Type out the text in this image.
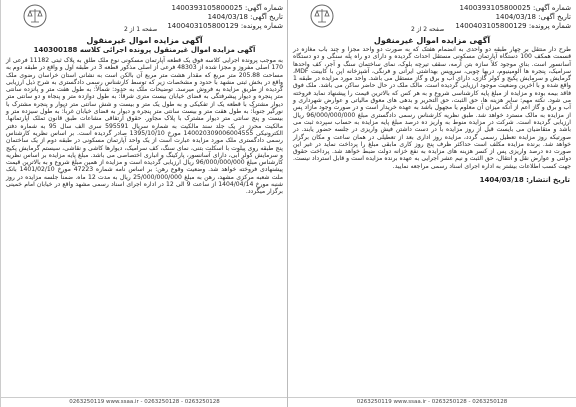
شماره آگهی: 1400393105800025
تاریخ آگهی: 1404/03/18
شماره پرونده: 1400403105800129
صفحه 1 از 2
آگهی مزایده اموال غیرمنقول
آگهی مزایده اموال غیرمنقول پرونده اجرائی کلاسه 140300188

به موجب پرونده اجرایی کلاسه فوق یک قطعه آپارتمان مسکونی نوع ملک طلق به پلاک ثبتی 11182 فرعی از 170 اصلی مفروز و مجزا شده از 48303 فرعی از اصلی مذکور قطعه 3 در طبقه اول و واقع در طبقه دوم به مساحت 205.88 متر مربع که مقدار هشت متر مربع آن بالکن است به نشانی استان خراسان رضوی ملک واقع در بخش ثبتی مشهد با حدود و مشخصات زیر که توسط کارشناس رسمی دادگستری به شرح ذیل ارزیابی گردیده از طریق مزایده به فروش میرسد. توضیحات ملک به حدود: شمالاً: به طول هفت متر و پانزده سانتی متر پنجره و دیوار پیشرفتگی به فضای خیابان بیست متری شرقاً: به طول دوازده متر و پنجاه و دو سانتی متر دیوار مشترک با قطعه یک از تفکیکی و به طول یک متر و بیست و شش سانتی متر دیوار و پنجره مشترک با نورگیر جنوباً: به طول هفت متر و بیست سانتی متر پنجره و دیوار به فضای خیابان غرباً: به طول سیزده متر و بیست و پنج سانتی متر دیوار مشترک با پلاک مجاور. حقوق ارتفاقی مشاعات طبق قانون تملک آپارتمانها. مالکیت محرز در یک جلد سند مالکیت به شماره سریال 595591 سری الف سال 95 به شماره دفتر الکترونیکی 140020309006004555 مورخ 1395/10/10 صادر گردیده است. بر اساس نظریه کارشناس رسمی دادگستری ملک مورد مزایده عبارت است از یک واحد آپارتمان مسکونی در طبقه دوم از یک ساختمان پنج طبقه روی پیلوت با اسکلت بتنی، نمای سنگ، کف سرامیک، دیوارها کاشی و نقاشی، سیستم گرمایش پکیج و سرمایش کولر آبی، دارای آسانسور، پارکینگ و انباری اختصاصی می باشد. مبلغ پایه مزایده بر اساس نظریه کارشناس مبلغ 96/000/000/000 ریال ارزیابی گردیده است و مزایده از همین مبلغ شروع و به بالاترین قیمت پیشنهادی فروخته خواهد شد. وضعیت وقوع رهن: بر اساس نامه شماره 47223 مورخ 1401/02/10 بانک ملت شعبه مرکزی مشهد، رهن به مبلغ 25/000/000/000 ریال به مدت 12 ماه. ضمناً جلسه مزایده در روز شنبه مورخ 1404/04/14 از ساعت 9 الی 12 در اداره اجرای اسناد رسمی مشهد واقع در خیابان امام خمینی برگزار میگردد.

0263250119 www.ssaa.ir - 0263250128 - 0263250128
شماره آگهی: 1400393105800025
تاریخ آگهی: 1404/03/18
شماره پرونده: 1400403105800129
صفحه 2 از 2
آگهی مزایده اموال غیرمنقول

طرح دار منتقل بر چهار طبقه دو واحدی به انضمام هفتک که به صورت دو واحد مجزا و چند باب مغازه در قسمت همکف 100 دستگاه آپارتمان مسکونی مستقل احداث گردیده و دارای دو راه پله سنگی و دو دستگاه آسانسور است. بنای موجود کلاً سازه بتن آرمه، سقف تیرچه بلوک، نمای ساختمان سنگ و آجر، کف واحدها سرامیک، پنجره ها آلومینیوم، دربها چوبی، سرویس بهداشتی ایرانی و فرنگی، آشپزخانه اپن با کابینت MDF، گرمایش و سرمایش پکیج و کولر گازی، دارای آب و برق و گاز مستقل می باشد. واحد مورد مزایده در طبقه 1 واقع شده و با آخرین وضعیت موجود ارزیابی گردیده است. مالک ملک در حال حاضر ساکن می باشد. ملک فوق فاقد بیمه بوده و مزایده از مبلغ پایه کارشناسی شروع و به هر کس که بالاترین قیمت را پیشنهاد نماید فروخته می شود. نکته مهم: سایر هزینه ها، حق الثبت، حق التحریر و بدهی های معوق مالیاتی و عوارض شهرداری و آب و برق و گاز اعم از آنکه میزان آن معلوم یا مجهول باشد به عهده خریدار است و در صورت وجود مازاد پس از مزایده به مالک مسترد خواهد شد. طبق نظریه کارشناس رسمی دادگستری مبلغ 96/000/000/000 ریال ارزیابی گردیده است. شرکت در مزایده منوط به واریز ده درصد مبلغ پایه مزایده به حساب سپرده ثبت می باشد و متقاضیان می بایست قبل از روز مزایده با در دست داشتن فیش واریزی در جلسه حضور یابند. در صورتیکه روز مزایده تعطیل رسمی گردد، مزایده روز اداری بعد از تعطیلی در همان ساعت و مکان برگزار خواهد شد. برنده مزایده مکلف است حداکثر ظرف پنج روز کاری مابقی مبلغ را پرداخت نماید در غیر این صورت ده درصد واریزی پس از کسر هزینه های مزایده به نفع خزانه دولت ضبط خواهد شد. پرداخت حقوق دولتی و عوارض نقل و انتقال، حق الثبت و نیم عشر اجرایی به عهده برنده مزایده است و قابل استرداد نیست. جهت کسب اطلاعات بیشتر به اداره اجرای اسناد رسمی مراجعه نمایید.

تاریخ انتشار: 1404/03/18
0263250119 www.ssaa.ir - 0263250128 - 0263250128
